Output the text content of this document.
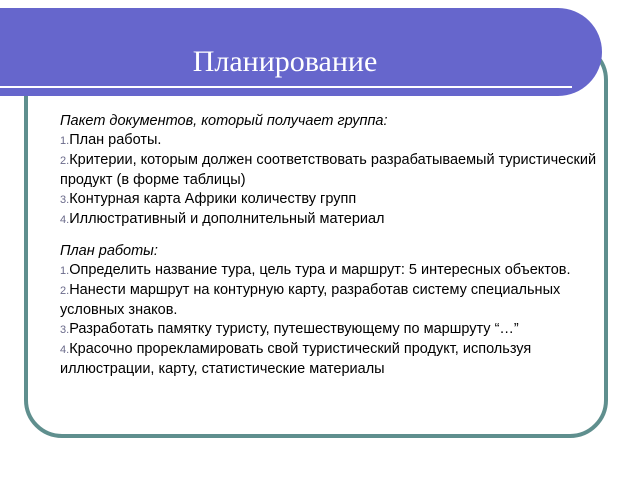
Планирование
Пакет документов, который получает группа:
1.План работы.
2.Критерии, которым должен соответствовать разрабатываемый туристический продукт (в форме таблицы)
3.Контурная карта Африки количеству групп
4.Иллюстративный и дополнительный материал
План работы:
1.Определить название тура, цель тура и маршрут: 5 интересных объектов.
2.Нанести маршрут на контурную карту, разработав систему специальных условных знаков.
3.Разработать памятку туристу, путешествующему по маршруту “…”
4.Красочно прорекламировать свой туристический продукт, используя иллюстрации, карту, статистические материалы
